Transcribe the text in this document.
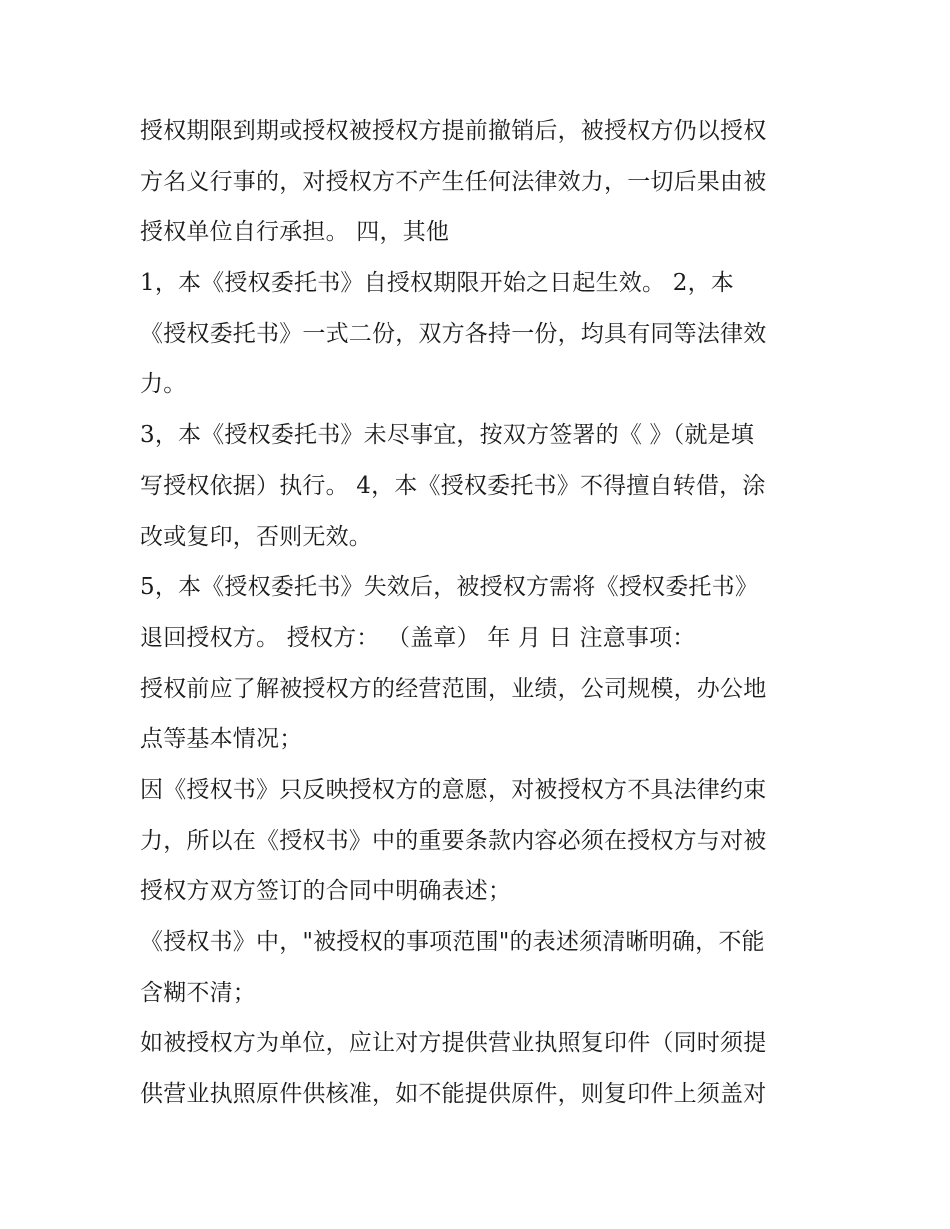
授权期限到期或授权被授权方提前撤销后，被授权方仍以授权
方名义行事的，对授权方不产生任何法律效力，一切后果由被
授权单位自行承担。 四，其他
1，本《授权委托书》自授权期限开始之日起生效。 2，本
《授权委托书》一式二份，双方各持一份，均具有同等法律效
力。
3，本《授权委托书》未尽事宜，按双方签署的《 》（就是填
写授权依据）执行。 4，本《授权委托书》不得擅自转借，涂
改或复印，否则无效。
5，本《授权委托书》失效后，被授权方需将《授权委托书》
退回授权方。 授权方： （盖章） 年 月 日 注意事项：
授权前应了解被授权方的经营范围，业绩，公司规模，办公地
点等基本情况；
因《授权书》只反映授权方的意愿，对被授权方不具法律约束
力，所以在《授权书》中的重要条款内容必须在授权方与对被
授权方双方签订的合同中明确表述；
《授权书》中，"被授权的事项范围"的表述须清晰明确，不能
含糊不清；
如被授权方为单位，应让对方提供营业执照复印件（同时须提
供营业执照原件供核准，如不能提供原件，则复印件上须盖对
